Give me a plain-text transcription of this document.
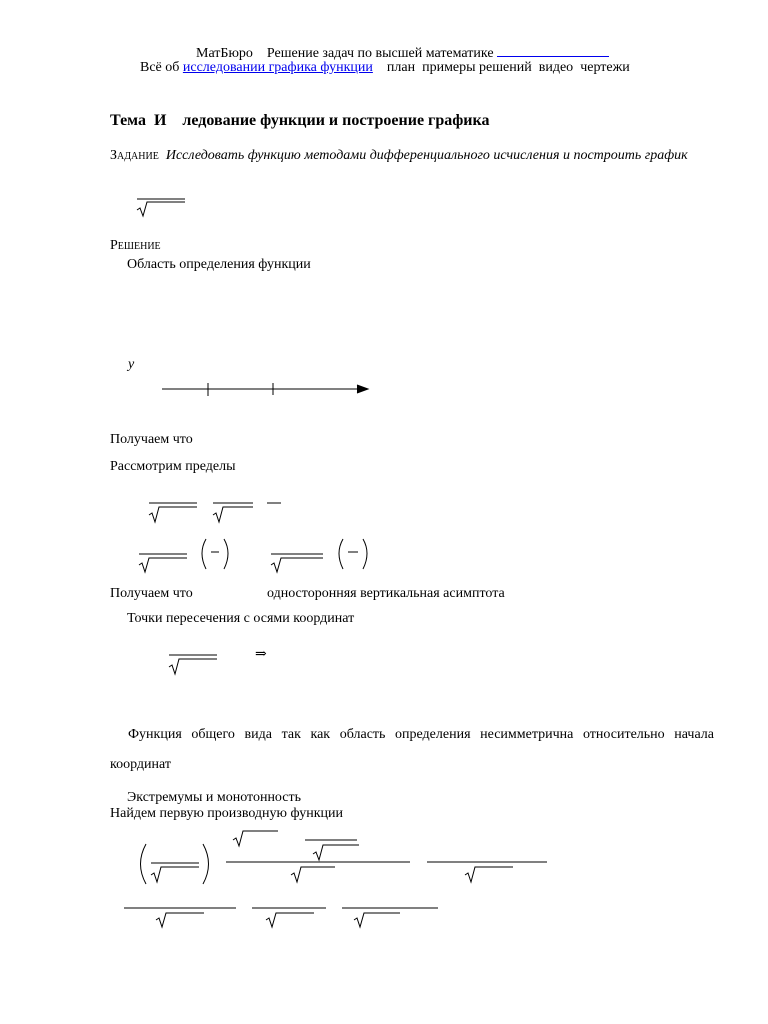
МатБюро Решение задач по высшей математике
Всё об исследовании графика функции план примеры решений видео чертежи
Тема И ледование функции и построение графика
Задание Исследовать функцию методами дифференциального исчисления и построить график
Решение
Область определения функции
y
Получаем что
Рассмотрим пределы
Получаем что	односторонняя вертикальная асимптота
Точки пересечения с осями координат
⇒
Функция общего вида так как область определения несимметрична относительно начала координат
Экстремумы и монотонность
Найдем первую производную функции
